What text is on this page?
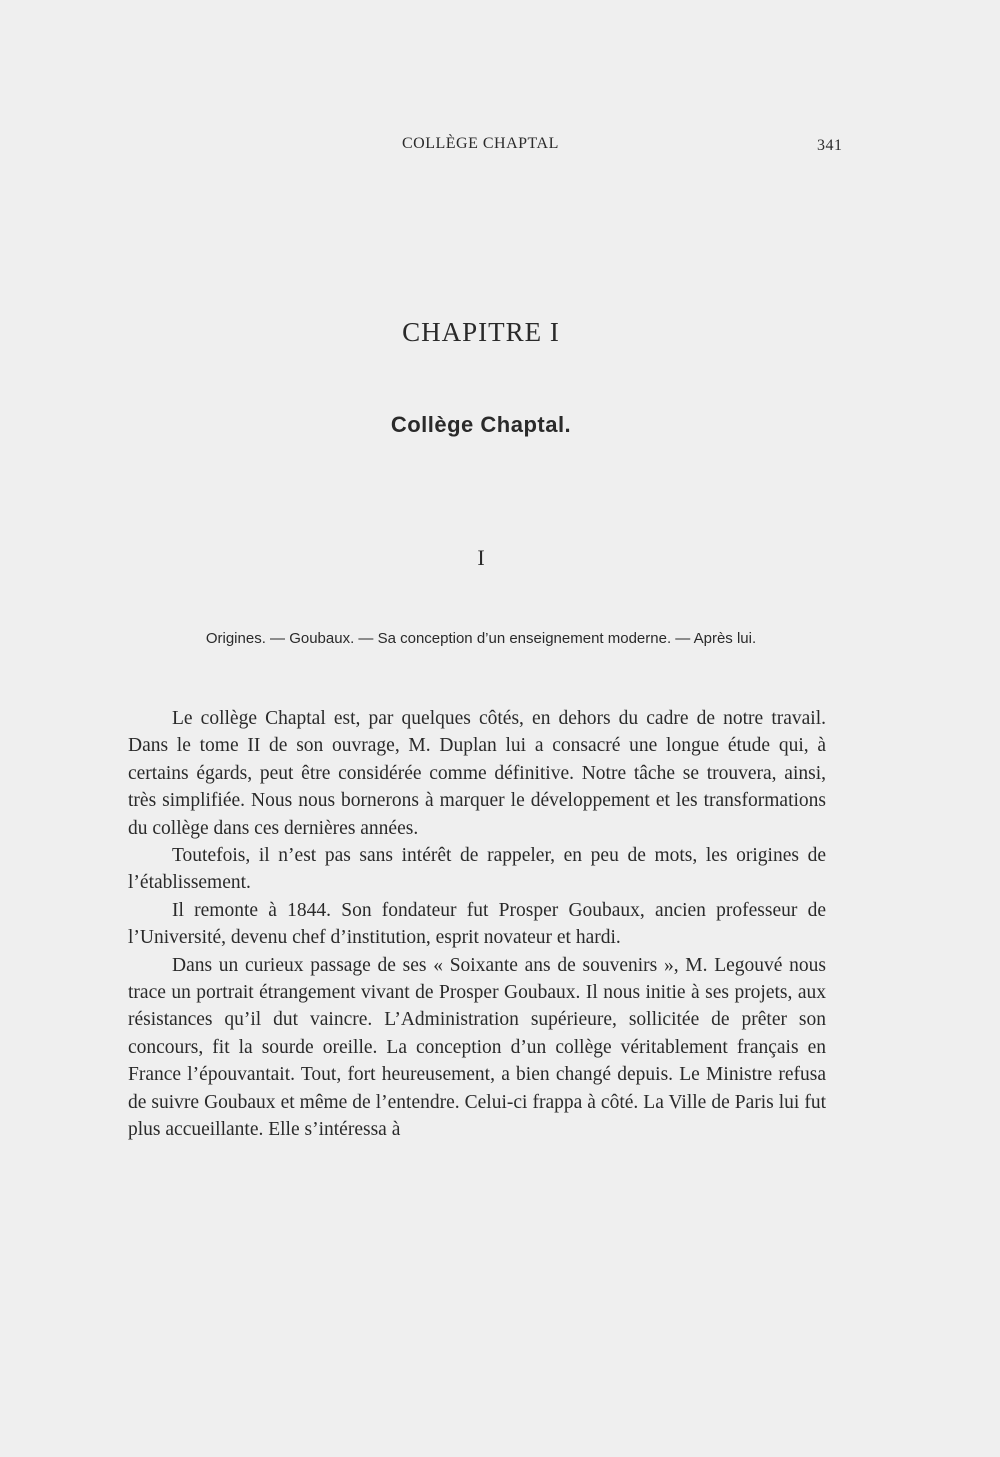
COLLÈGE CHAPTAL	341
CHAPITRE I
Collège Chaptal.
I
Origines. — Goubaux. — Sa conception d’un enseignement moderne. — Après lui.

Le collège Chaptal est, par quelques côtés, en dehors du cadre de notre travail. Dans le tome II de son ouvrage, M. Duplan lui a consacré une longue étude qui, à certains égards, peut être considérée comme définitive. Notre tâche se trouvera, ainsi, très simplifiée. Nous nous bornerons à marquer le développement et les transformations du collège dans ces dernières années.

Toutefois, il n’est pas sans intérêt de rappeler, en peu de mots, les origines de l’établissement.

Il remonte à 1844. Son fondateur fut Prosper Goubaux, ancien professeur de l’Université, devenu chef d’institution, esprit novateur et hardi.

Dans un curieux passage de ses « Soixante ans de souvenirs », M. Legouvé nous trace un portrait étrangement vivant de Prosper Goubaux. Il nous initie à ses projets, aux résistances qu’il dut vaincre. L’Administration supérieure, sollicitée de prêter son concours, fit la sourde oreille. La conception d’un collège véritablement français en France l’épouvantait. Tout, fort heureusement, a bien changé depuis. Le Ministre refusa de suivre Goubaux et même de l’entendre. Celui-ci frappa à côté. La Ville de Paris lui fut plus accueillante. Elle s’intéressa à
